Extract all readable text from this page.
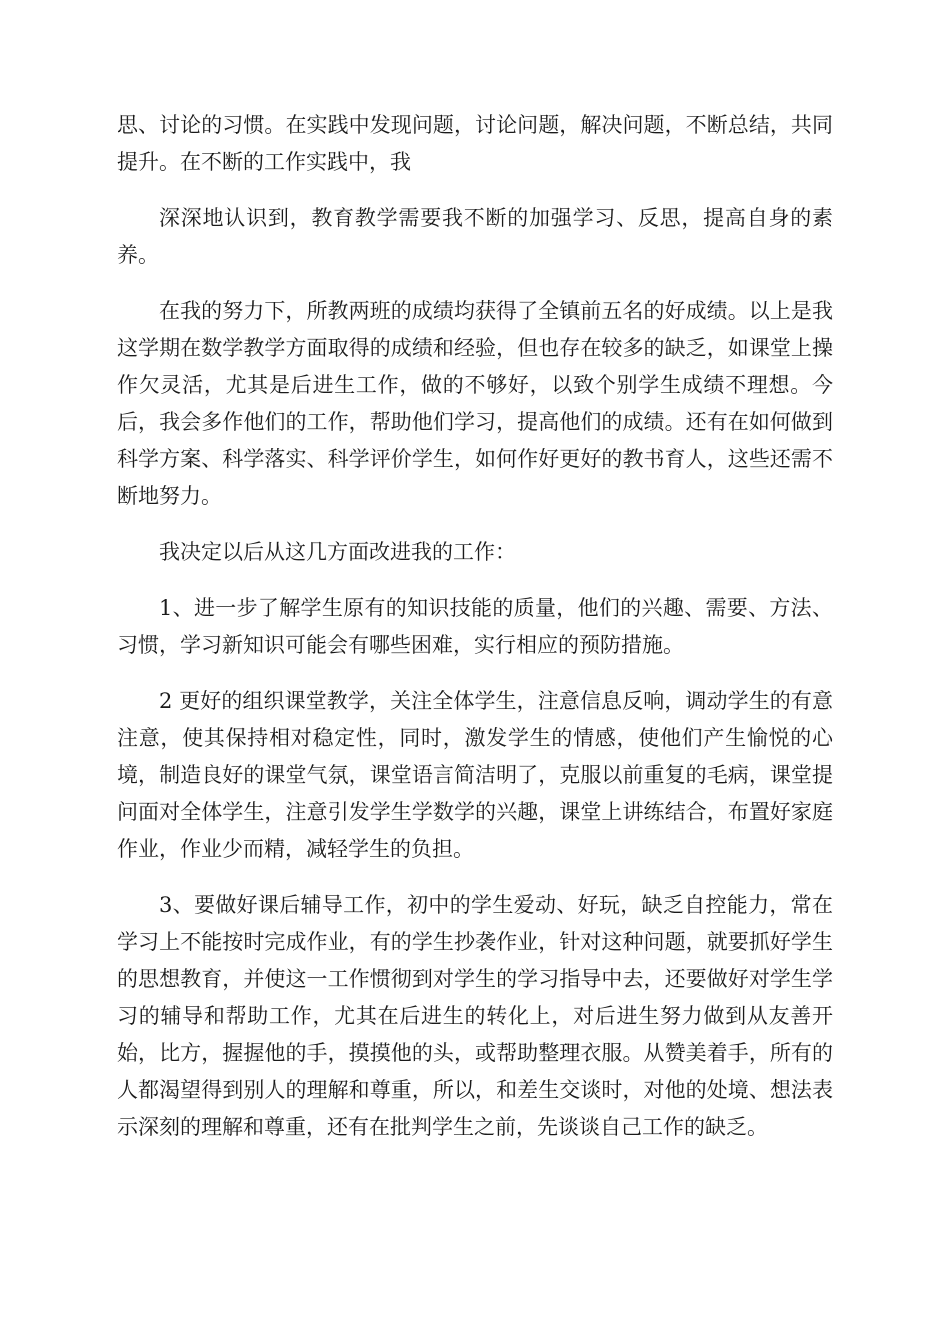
思、讨论的习惯。在实践中发现问题，讨论问题，解决问题，不断总结，共同提升。在不断的工作实践中，我

深深地认识到，教育教学需要我不断的加强学习、反思，提高自身的素养。

在我的努力下，所教两班的成绩均获得了全镇前五名的好成绩。以上是我这学期在数学教学方面取得的成绩和经验，但也存在较多的缺乏，如课堂上操作欠灵活，尤其是后进生工作，做的不够好，以致个别学生成绩不理想。今后，我会多作他们的工作，帮助他们学习，提高他们的成绩。还有在如何做到科学方案、科学落实、科学评价学生，如何作好更好的教书育人，这些还需不断地努力。

我决定以后从这几方面改进我的工作：

1、进一步了解学生原有的知识技能的质量，他们的兴趣、需要、方法、习惯，学习新知识可能会有哪些困难，实行相应的预防措施。

2 更好的组织课堂教学，关注全体学生，注意信息反响，调动学生的有意注意，使其保持相对稳定性，同时，激发学生的情感，使他们产生愉悦的心境，制造良好的课堂气氛，课堂语言简洁明了，克服以前重复的毛病，课堂提问面对全体学生，注意引发学生学数学的兴趣，课堂上讲练结合，布置好家庭作业，作业少而精，减轻学生的负担。

3、要做好课后辅导工作，初中的学生爱动、好玩，缺乏自控能力，常在学习上不能按时完成作业，有的学生抄袭作业，针对这种问题，就要抓好学生的思想教育，并使这一工作惯彻到对学生的学习指导中去，还要做好对学生学习的辅导和帮助工作，尤其在后进生的转化上，对后进生努力做到从友善开始，比方，握握他的手，摸摸他的头，或帮助整理衣服。从赞美着手，所有的人都渴望得到别人的理解和尊重，所以，和差生交谈时，对他的处境、想法表示深刻的理解和尊重，还有在批判学生之前，先谈谈自己工作的缺乏。
